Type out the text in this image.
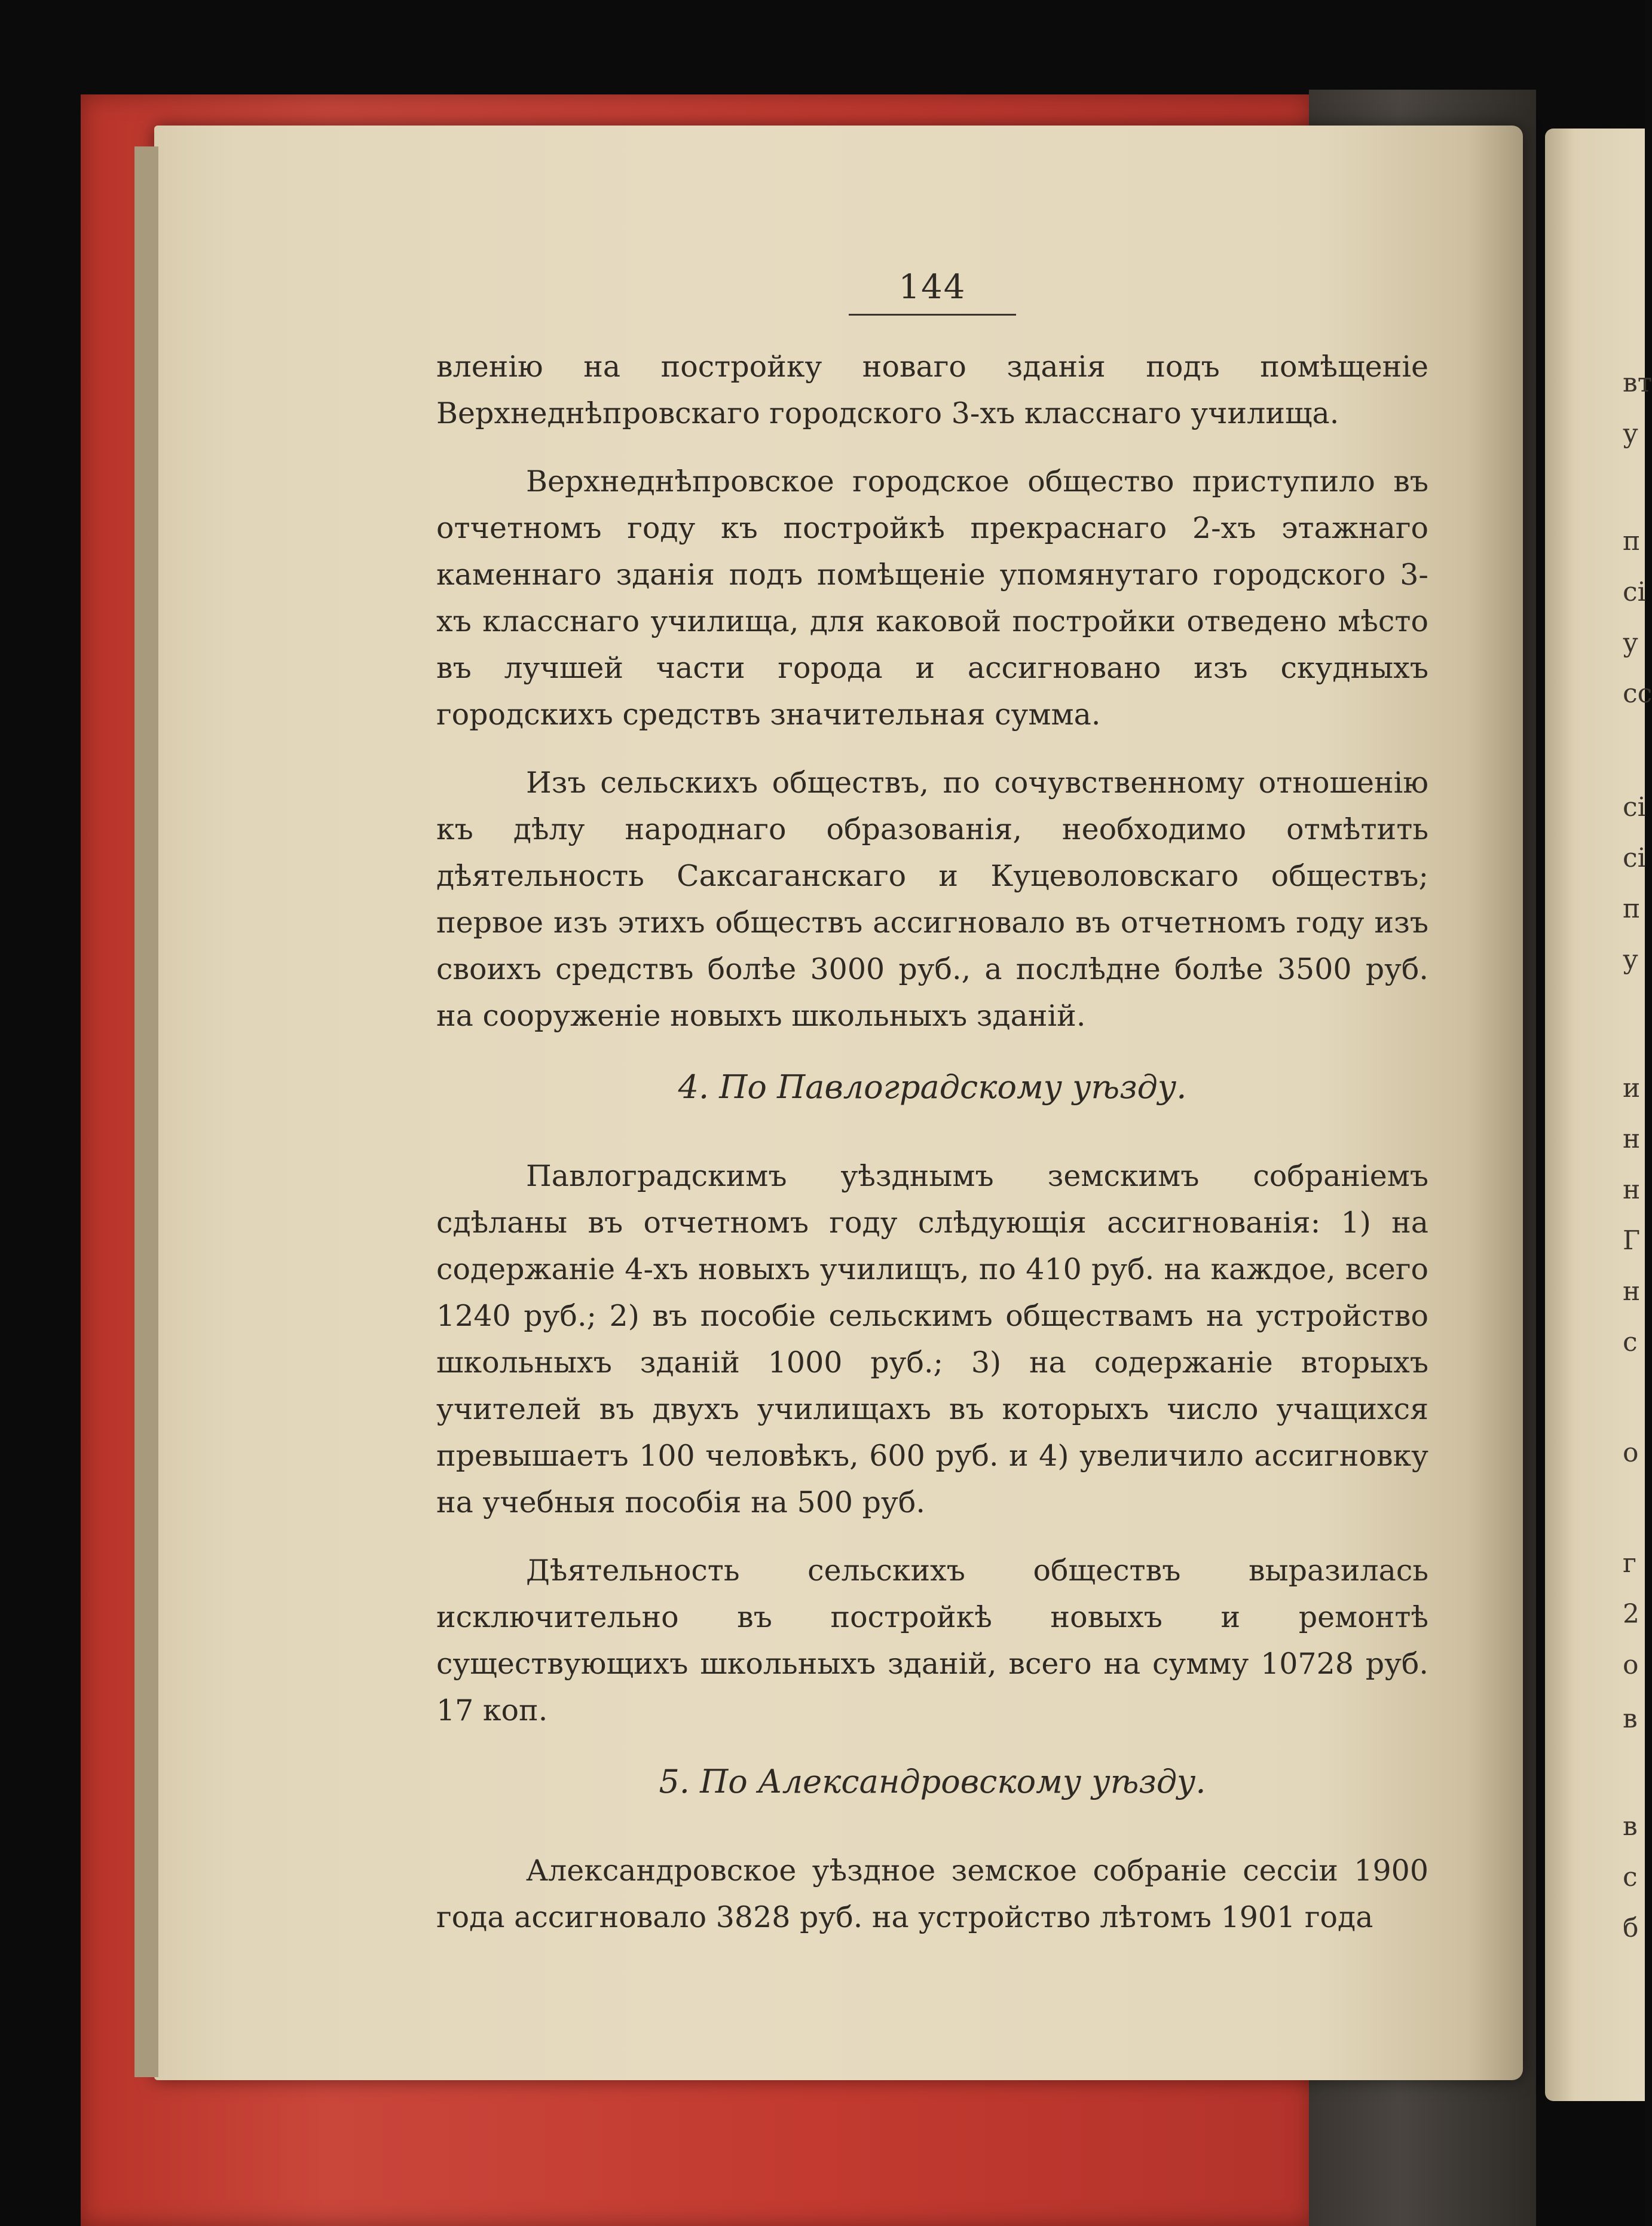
вт
у
п
сі
у
сс
сі
сі
п
у
и
н
н
Г
н
с
о
г
2
о
в
в
с
б
144

вленію на постройку новаго зданія подъ помѣщеніе Верхнеднѣпровскаго городского 3-хъ класснаго училища.

Верхнеднѣпровское городское общество приступило въ отчетномъ году къ постройкѣ прекраснаго 2-хъ этажнаго каменнаго зданія подъ помѣщеніе упомянутаго городского 3-хъ класснаго училища, для каковой постройки отведено мѣсто въ лучшей части города и ассигновано изъ скудныхъ городскихъ средствъ значительная сумма.

Изъ сельскихъ обществъ, по сочувственному отношенію къ дѣлу народнаго образованія, необходимо отмѣтить дѣятельность Саксаганскаго и Куцеволовскаго обществъ; первое изъ этихъ обществъ ассигновало въ отчетномъ году изъ своихъ средствъ болѣе 3000 руб., а послѣдне болѣе 3500 руб. на сооруженіе новыхъ школьныхъ зданій.

4. По Павлоградскому уѣзду.

Павлоградскимъ уѣзднымъ земскимъ собраніемъ сдѣланы въ отчетномъ году слѣдующія ассигнованія: 1) на содержаніе 4-хъ новыхъ училищъ, по 410 руб. на каждое, всего 1240 руб.; 2) въ пособіе сельскимъ обществамъ на устройство школьныхъ зданій 1000 руб.; 3) на содержаніе вторыхъ учителей въ двухъ училищахъ въ которыхъ число учащихся превышаетъ 100 человѣкъ, 600 руб. и 4) увеличило ассигновку на учебныя пособія на 500 руб.

Дѣятельность сельскихъ обществъ выразилась исключительно въ постройкѣ новыхъ и ремонтѣ существующихъ школьныхъ зданій, всего на сумму 10728 руб. 17 коп.

5. По Александровскому уѣзду.

Александровское уѣздное земское собраніе сессіи 1900 года ассигновало 3828 руб. на устройство лѣтомъ 1901 года
